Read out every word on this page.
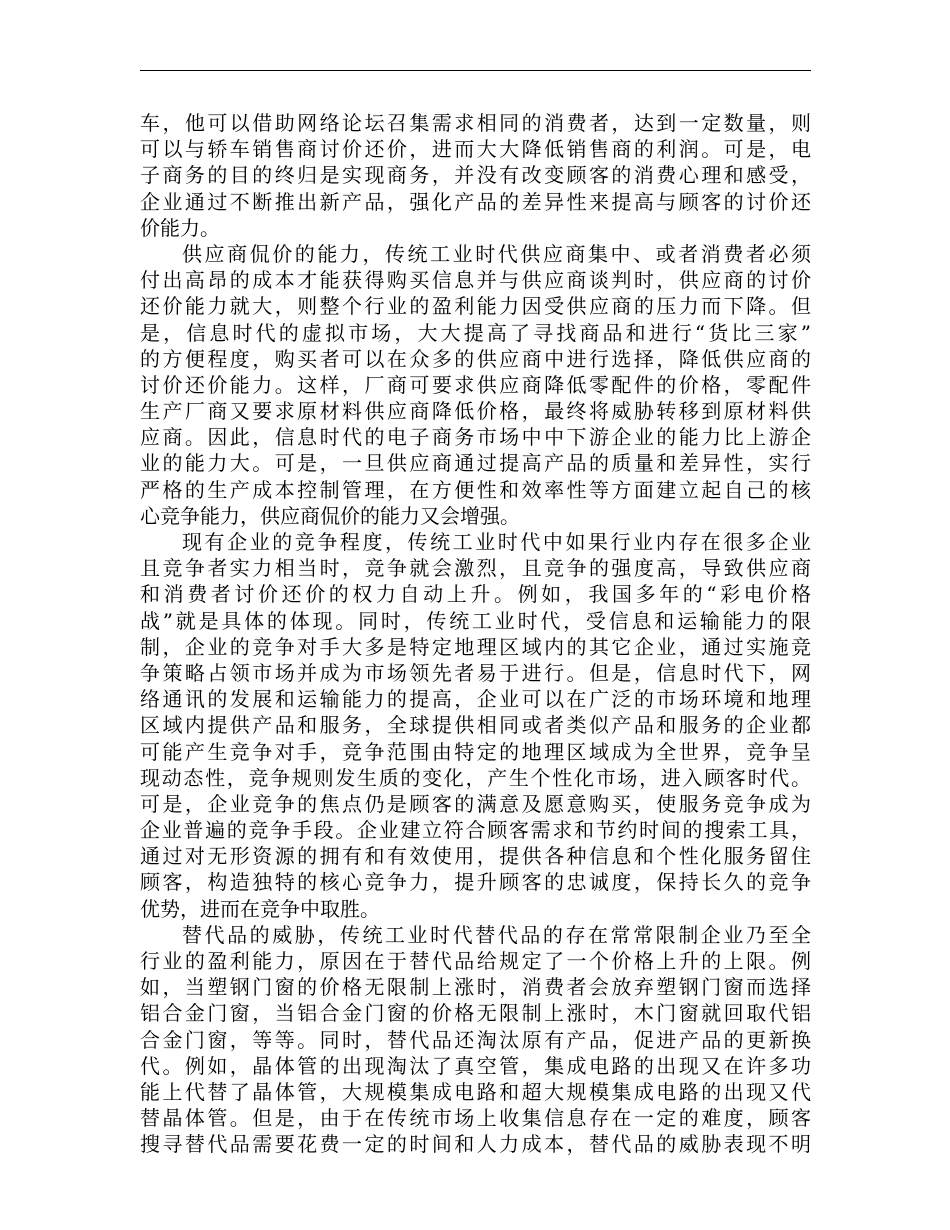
车，他可以借助网络论坛召集需求相同的消费者，达到一定数量，则
可以与轿车销售商讨价还价，进而大大降低销售商的利润。可是，电
子商务的目的终归是实现商务，并没有改变顾客的消费心理和感受，
企业通过不断推出新产品，强化产品的差异性来提高与顾客的讨价还
价能力。
供应商侃价的能力，传统工业时代供应商集中、或者消费者必须
付出高昂的成本才能获得购买信息并与供应商谈判时，供应商的讨价
还价能力就大，则整个行业的盈利能力因受供应商的压力而下降。但
是，信息时代的虚拟市场，大大提高了寻找商品和进行“货比三家”
的方便程度，购买者可以在众多的供应商中进行选择，降低供应商的
讨价还价能力。这样，厂商可要求供应商降低零配件的价格，零配件
生产厂商又要求原材料供应商降低价格，最终将威胁转移到原材料供
应商。因此，信息时代的电子商务市场中中下游企业的能力比上游企
业的能力大。可是，一旦供应商通过提高产品的质量和差异性，实行
严格的生产成本控制管理，在方便性和效率性等方面建立起自己的核
心竞争能力，供应商侃价的能力又会增强。
现有企业的竞争程度，传统工业时代中如果行业内存在很多企业
且竞争者实力相当时，竞争就会激烈，且竞争的强度高，导致供应商
和消费者讨价还价的权力自动上升。例如，我国多年的“彩电价格
战”就是具体的体现。同时，传统工业时代，受信息和运输能力的限
制，企业的竞争对手大多是特定地理区域内的其它企业，通过实施竞
争策略占领市场并成为市场领先者易于进行。但是，信息时代下，网
络通讯的发展和运输能力的提高，企业可以在广泛的市场环境和地理
区域内提供产品和服务，全球提供相同或者类似产品和服务的企业都
可能产生竞争对手，竞争范围由特定的地理区域成为全世界，竞争呈
现动态性，竞争规则发生质的变化，产生个性化市场，进入顾客时代。
可是，企业竞争的焦点仍是顾客的满意及愿意购买，使服务竞争成为
企业普遍的竞争手段。企业建立符合顾客需求和节约时间的搜索工具，
通过对无形资源的拥有和有效使用，提供各种信息和个性化服务留住
顾客，构造独特的核心竞争力，提升顾客的忠诚度，保持长久的竞争
优势，进而在竞争中取胜。
替代品的威胁，传统工业时代替代品的存在常常限制企业乃至全
行业的盈利能力，原因在于替代品给规定了一个价格上升的上限。例
如，当塑钢门窗的价格无限制上涨时，消费者会放弃塑钢门窗而选择
铝合金门窗，当铝合金门窗的价格无限制上涨时，木门窗就回取代铝
合金门窗，等等。同时，替代品还淘汰原有产品，促进产品的更新换
代。例如，晶体管的出现淘汰了真空管，集成电路的出现又在许多功
能上代替了晶体管，大规模集成电路和超大规模集成电路的出现又代
替晶体管。但是，由于在传统市场上收集信息存在一定的难度，顾客
搜寻替代品需要花费一定的时间和人力成本，替代品的威胁表现不明
